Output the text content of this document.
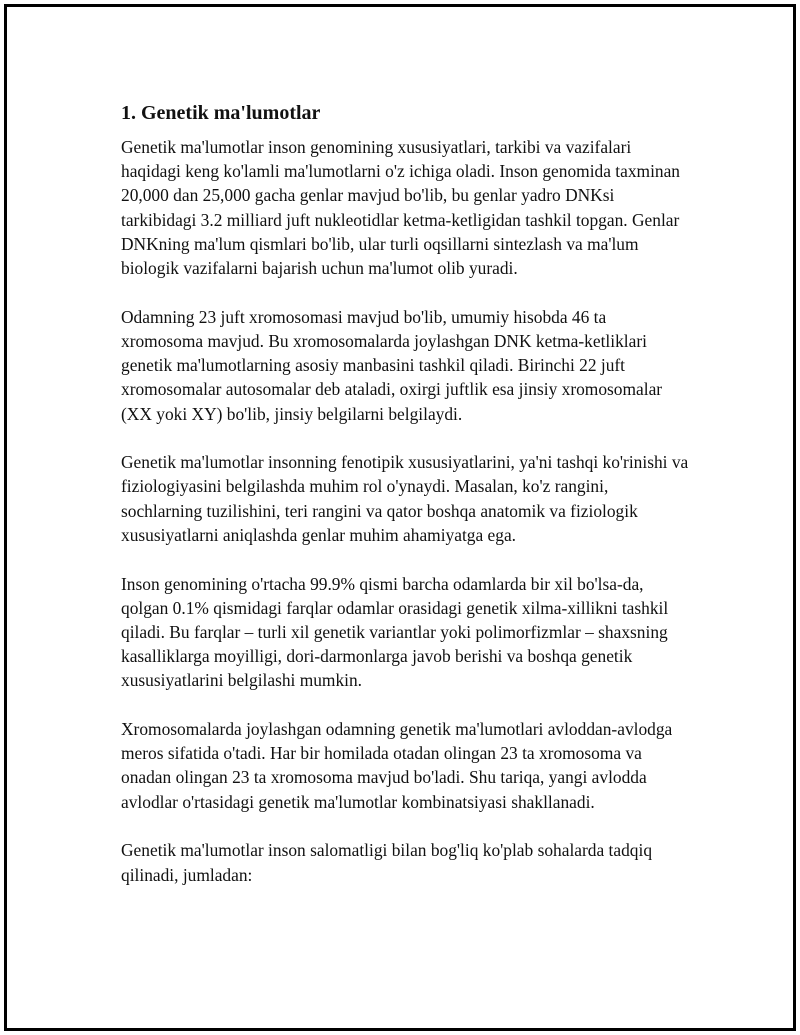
1. Genetik ma'lumotlar

Genetik ma'lumotlar inson genomining xususiyatlari, tarkibi va vazifalari haqidagi keng ko'lamli ma'lumotlarni o'z ichiga oladi. Inson genomida taxminan 20,000 dan 25,000 gacha genlar mavjud bo'lib, bu genlar yadro DNKsi tarkibidagi 3.2 milliard juft nukleotidlar ketma-ketligidan tashkil topgan. Genlar DNKning ma'lum qismlari bo'lib, ular turli oqsillarni sintezlash va ma'lum biologik vazifalarni bajarish uchun ma'lumot olib yuradi.

Odamning 23 juft xromosomasi mavjud bo'lib, umumiy hisobda 46 ta xromosoma mavjud. Bu xromosomalarda joylashgan DNK ketma-ketliklari genetik ma'lumotlarning asosiy manbasini tashkil qiladi. Birinchi 22 juft xromosomalar autosomalar deb ataladi, oxirgi juftlik esa jinsiy xromosomalar (XX yoki XY) bo'lib, jinsiy belgilarni belgilaydi.

Genetik ma'lumotlar insonning fenotipik xususiyatlarini, ya'ni tashqi ko'rinishi va fiziologiyasini belgilashda muhim rol o'ynaydi. Masalan, ko'z rangini, sochlarning tuzilishini, teri rangini va qator boshqa anatomik va fiziologik xususiyatlarni aniqlashda genlar muhim ahamiyatga ega.

Inson genomining o'rtacha 99.9% qismi barcha odamlarda bir xil bo'lsa-da, qolgan 0.1% qismidagi farqlar odamlar orasidagi genetik xilma-xillikni tashkil qiladi. Bu farqlar – turli xil genetik variantlar yoki polimorfizmlar – shaxsning kasalliklarga moyilligi, dori-darmonlarga javob berishi va boshqa genetik xususiyatlarini belgilashi mumkin.

Xromosomalarda joylashgan odamning genetik ma'lumotlari avloddan-avlodga meros sifatida o'tadi. Har bir homilada otadan olingan 23 ta xromosoma va onadan olingan 23 ta xromosoma mavjud bo'ladi. Shu tariqa, yangi avlodda avlodlar o'rtasidagi genetik ma'lumotlar kombinatsiyasi shakllanadi.

Genetik ma'lumotlar inson salomatligi bilan bog'liq ko'plab sohalarda tadqiq qilinadi, jumladan:
